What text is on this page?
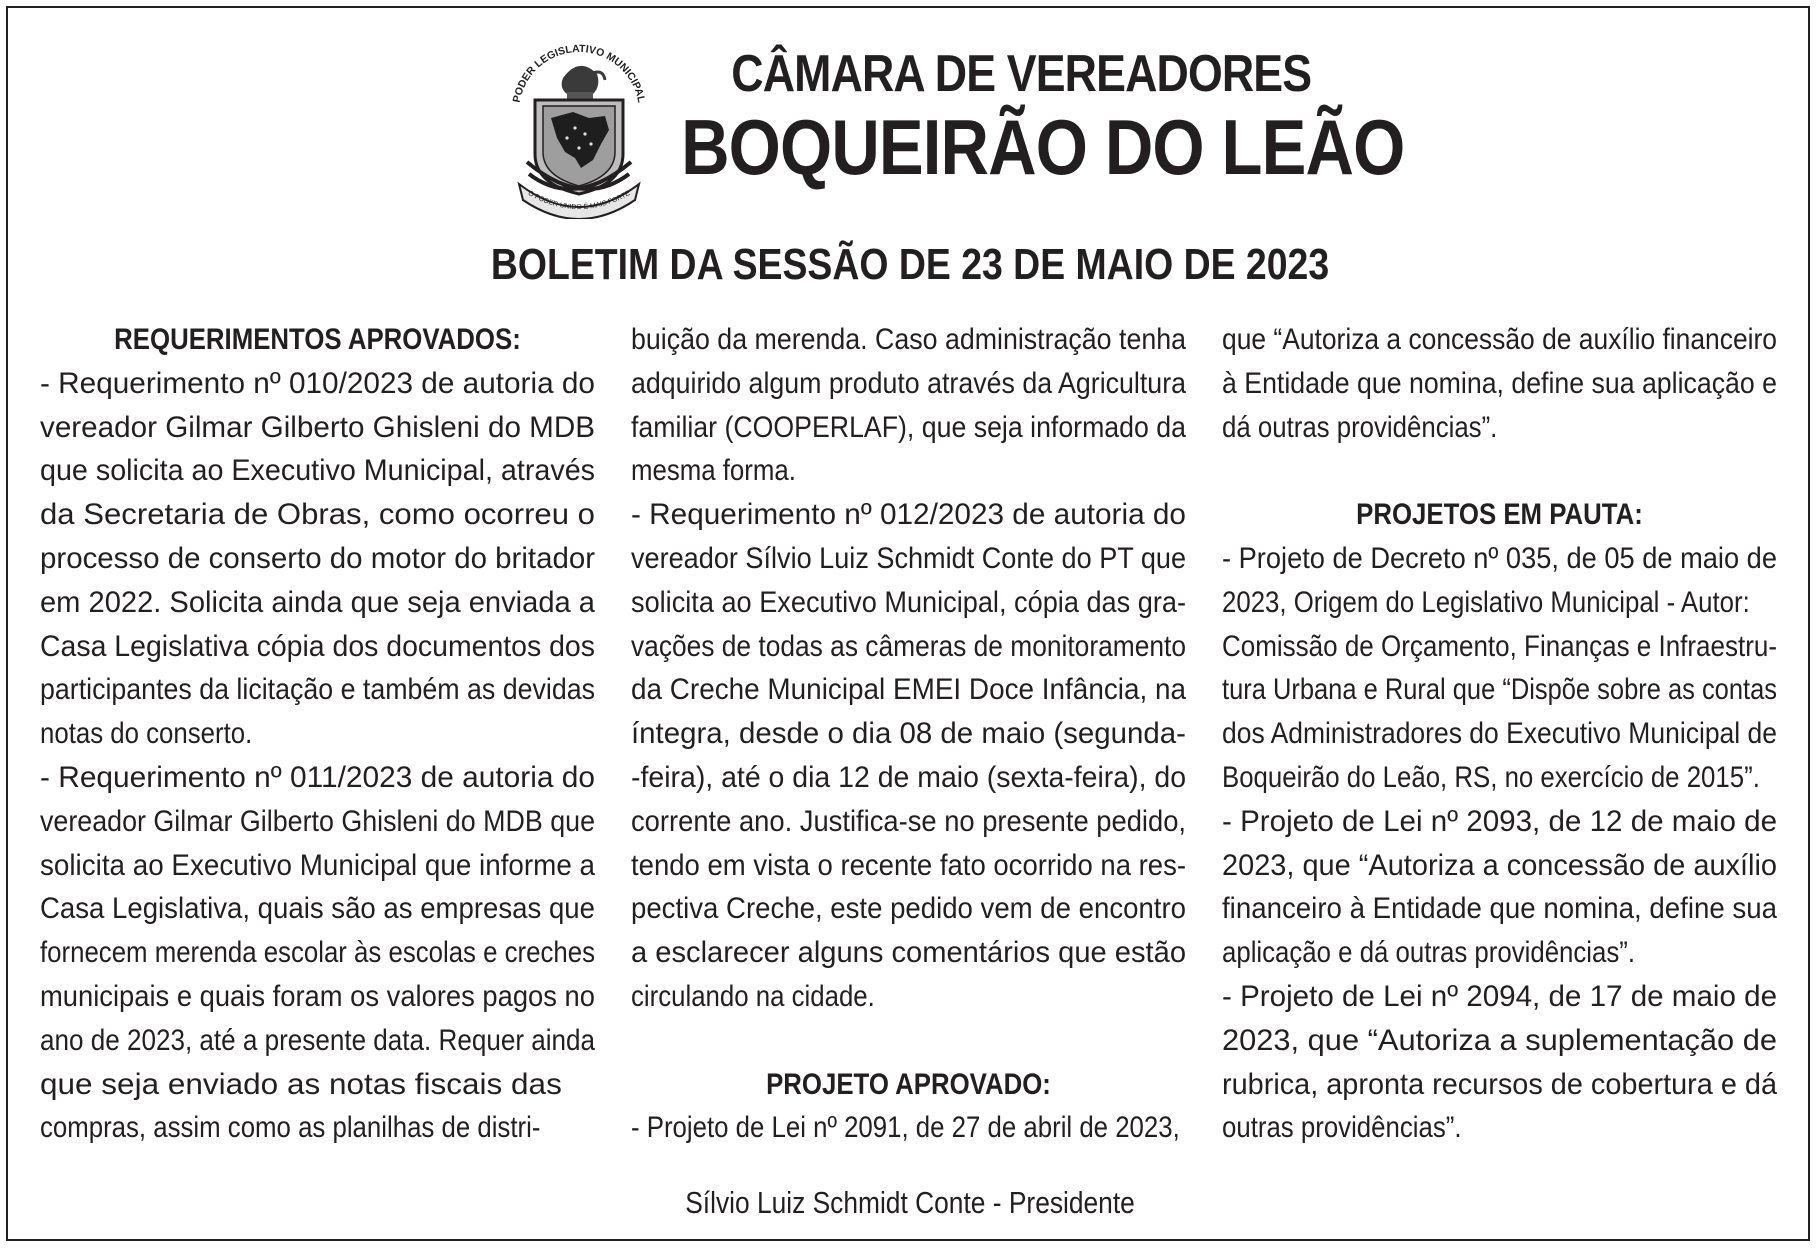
PODER LEGISLATIVO MUNICIPAL
O PODER UNIDO É MAIS FORTE
CÂMARA DE VEREADORES
BOQUEIRÃO DO LEÃO
BOLETIM DA SESSÃO DE 23 DE MAIO DE 2023
REQUERIMENTOS APROVADOS:
- Requerimento nº 010/2023 de autoria do
vereador Gilmar Gilberto Ghisleni do MDB
que solicita ao Executivo Municipal, através
da Secretaria de Obras, como ocorreu o
processo de conserto do motor do britador
em 2022. Solicita ainda que seja enviada a
Casa Legislativa cópia dos documentos dos
participantes da licitação e também as devidas
notas do conserto.
- Requerimento nº 011/2023 de autoria do
vereador Gilmar Gilberto Ghisleni do MDB que
solicita ao Executivo Municipal que informe a
Casa Legislativa, quais são as empresas que
fornecem merenda escolar às escolas e creches
municipais e quais foram os valores pagos no
ano de 2023, até a presente data. Requer ainda
que seja enviado as notas fiscais das
compras, assim como as planilhas de distri-
buição da merenda. Caso administração tenha
adquirido algum produto através da Agricultura
familiar (COOPERLAF), que seja informado da
mesma forma.
- Requerimento nº 012/2023 de autoria do
vereador Sílvio Luiz Schmidt Conte do PT que
solicita ao Executivo Municipal, cópia das gra-
vações de todas as câmeras de monitoramento
da Creche Municipal EMEI Doce Infância, na
íntegra, desde o dia 08 de maio (segunda-
-feira), até o dia 12 de maio (sexta-feira), do
corrente ano. Justifica-se no presente pedido,
tendo em vista o recente fato ocorrido na res-
pectiva Creche, este pedido vem de encontro
a esclarecer alguns comentários que estão
circulando na cidade.

PROJETO APROVADO:
- Projeto de Lei nº 2091, de 27 de abril de 2023,
que “Autoriza a concessão de auxílio financeiro
à Entidade que nomina, define sua aplicação e
dá outras providências”.

PROJETOS EM PAUTA:
- Projeto de Decreto nº 035, de 05 de maio de
2023, Origem do Legislativo Municipal - Autor:
Comissão de Orçamento, Finanças e Infraestru-
tura Urbana e Rural que “Dispõe sobre as contas
dos Administradores do Executivo Municipal de
Boqueirão do Leão, RS, no exercício de 2015”.
- Projeto de Lei nº 2093, de 12 de maio de
2023, que “Autoriza a concessão de auxílio
financeiro à Entidade que nomina, define sua
aplicação e dá outras providências”.
- Projeto de Lei nº 2094, de 17 de maio de
2023, que “Autoriza a suplementação de
rubrica, apronta recursos de cobertura e dá
outras providências”.
Sílvio Luiz Schmidt Conte - Presidente
